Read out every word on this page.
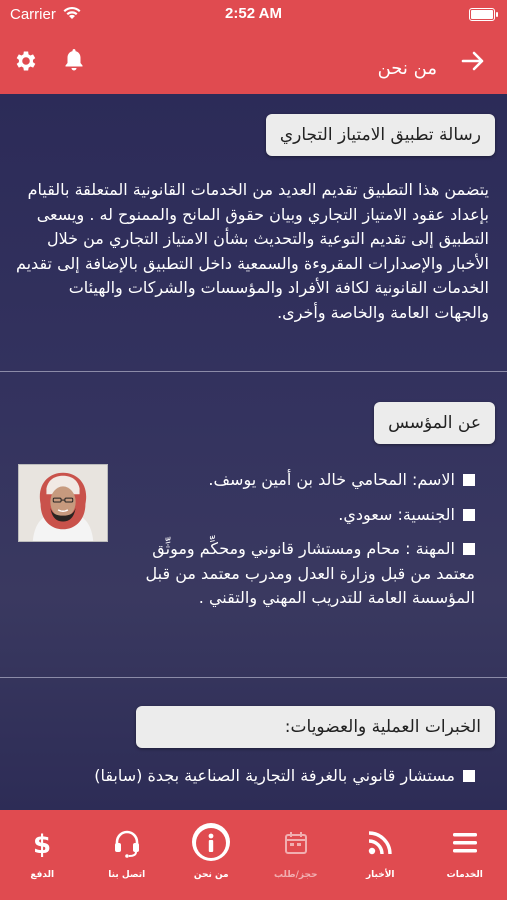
Carrier	2:52 AM
من نحن
رسالة تطبيق الامتياز التجاري

يتضمن هذا التطبيق تقديم العديد من الخدمات القانونية المتعلقة بالقيام بإعداد عقود الامتياز التجاري وبيان حقوق المانح والممنوح له . ويسعى التطبيق إلى تقديم التوعية والتحديث بشأن الامتياز التجاري من خلال الأخبار والإصدارات المقروءة والسمعية داخل التطبيق بالإضافة إلى تقديم الخدمات القانونية لكافة الأفراد والمؤسسات والشركات والهيئات والجهات العامة والخاصة وأخرى.

عن المؤسس
الاسم: المحامي خالد بن أمين يوسف.
الجنسية: سعودي.
المهنة : محام ومستشار قانوني ومحكِّم وموثِّق معتمد من قبل وزارة العدل ومدرب معتمد من قبل المؤسسة العامة للتدريب المهني والتقني .
الخبرات العملية والعضويات:
مستشار قانوني بالغرفة التجارية الصناعية بجدة (سابقا)
الخدمات
الأخبار
حجز/طلب
من نحن
اتصل بنا
$
الدفع
